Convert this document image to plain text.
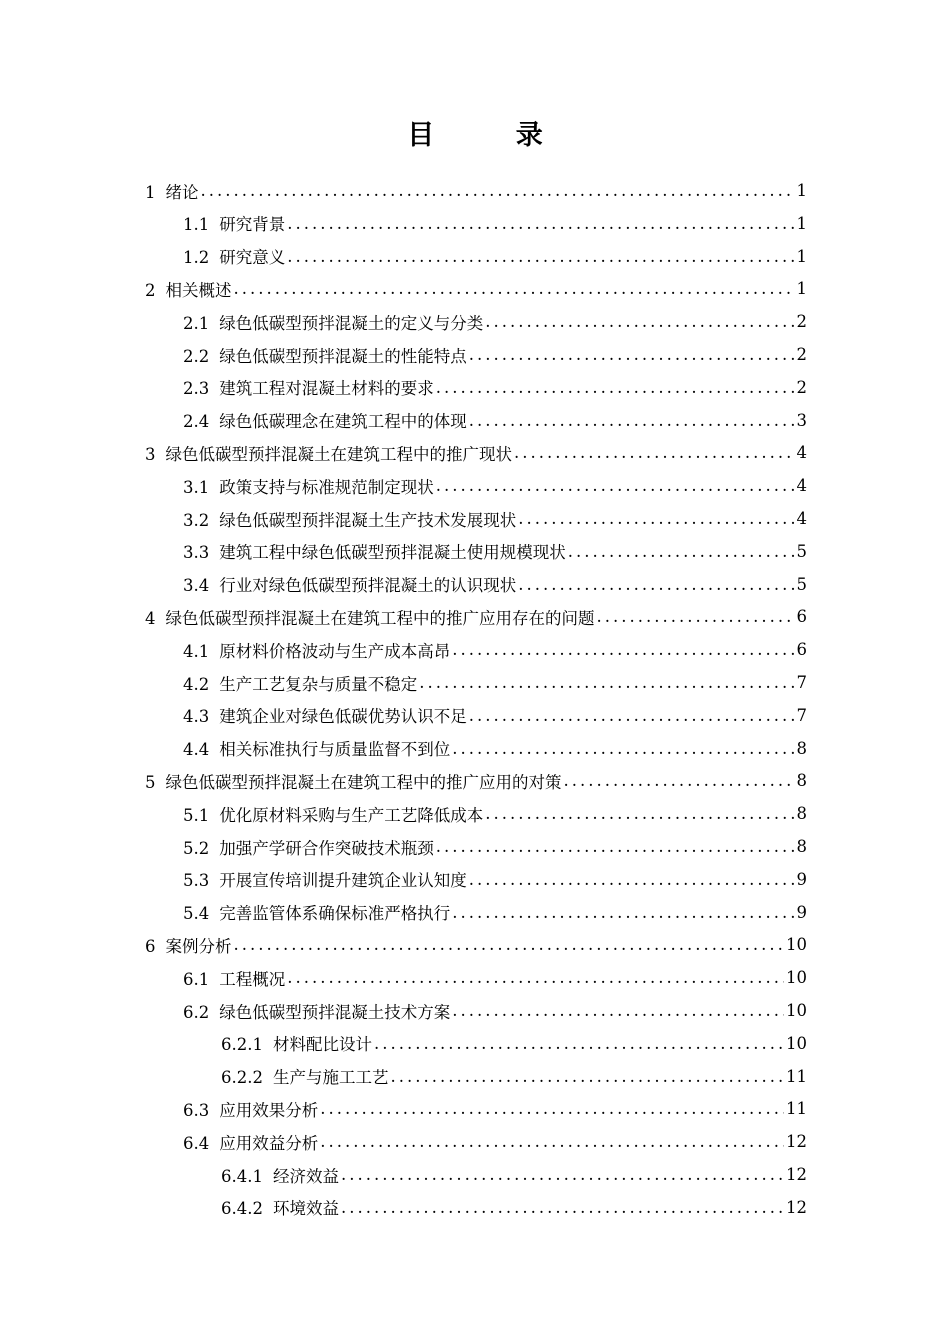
目 录
1 绪论 .....	1
1.1 研究背景 .....	1
1.2 研究意义 .....	1
2 相关概述 .....	1
2.1 绿色低碳型预拌混凝土的定义与分类 .....	2
2.2 绿色低碳型预拌混凝土的性能特点 .....	2
2.3 建筑工程对混凝土材料的要求 .....	2
2.4 绿色低碳理念在建筑工程中的体现 .....	3
3 绿色低碳型预拌混凝土在建筑工程中的推广现状 .....	4
3.1 政策支持与标准规范制定现状 .....	4
3.2 绿色低碳型预拌混凝土生产技术发展现状 .....	4
3.3 建筑工程中绿色低碳型预拌混凝土使用规模现状 .....	5
3.4 行业对绿色低碳型预拌混凝土的认识现状 .....	5
4 绿色低碳型预拌混凝土在建筑工程中的推广应用存在的问题 .....	6
4.1 原材料价格波动与生产成本高昂 .....	6
4.2 生产工艺复杂与质量不稳定 .....	7
4.3 建筑企业对绿色低碳优势认识不足 .....	7
4.4 相关标准执行与质量监督不到位 .....	8
5 绿色低碳型预拌混凝土在建筑工程中的推广应用的对策 .....	8
5.1 优化原材料采购与生产工艺降低成本 .....	8
5.2 加强产学研合作突破技术瓶颈 .....	8
5.3 开展宣传培训提升建筑企业认知度 .....	9
5.4 完善监管体系确保标准严格执行 .....	9
6 案例分析 .....	10
6.1 工程概况 .....	10
6.2 绿色低碳型预拌混凝土技术方案 .....	10
6.2.1 材料配比设计 .....	10
6.2.2 生产与施工工艺 .....	11
6.3 应用效果分析 .....	11
6.4 应用效益分析 .....	12
6.4.1 经济效益 .....	12
6.4.2 环境效益 .....	12
